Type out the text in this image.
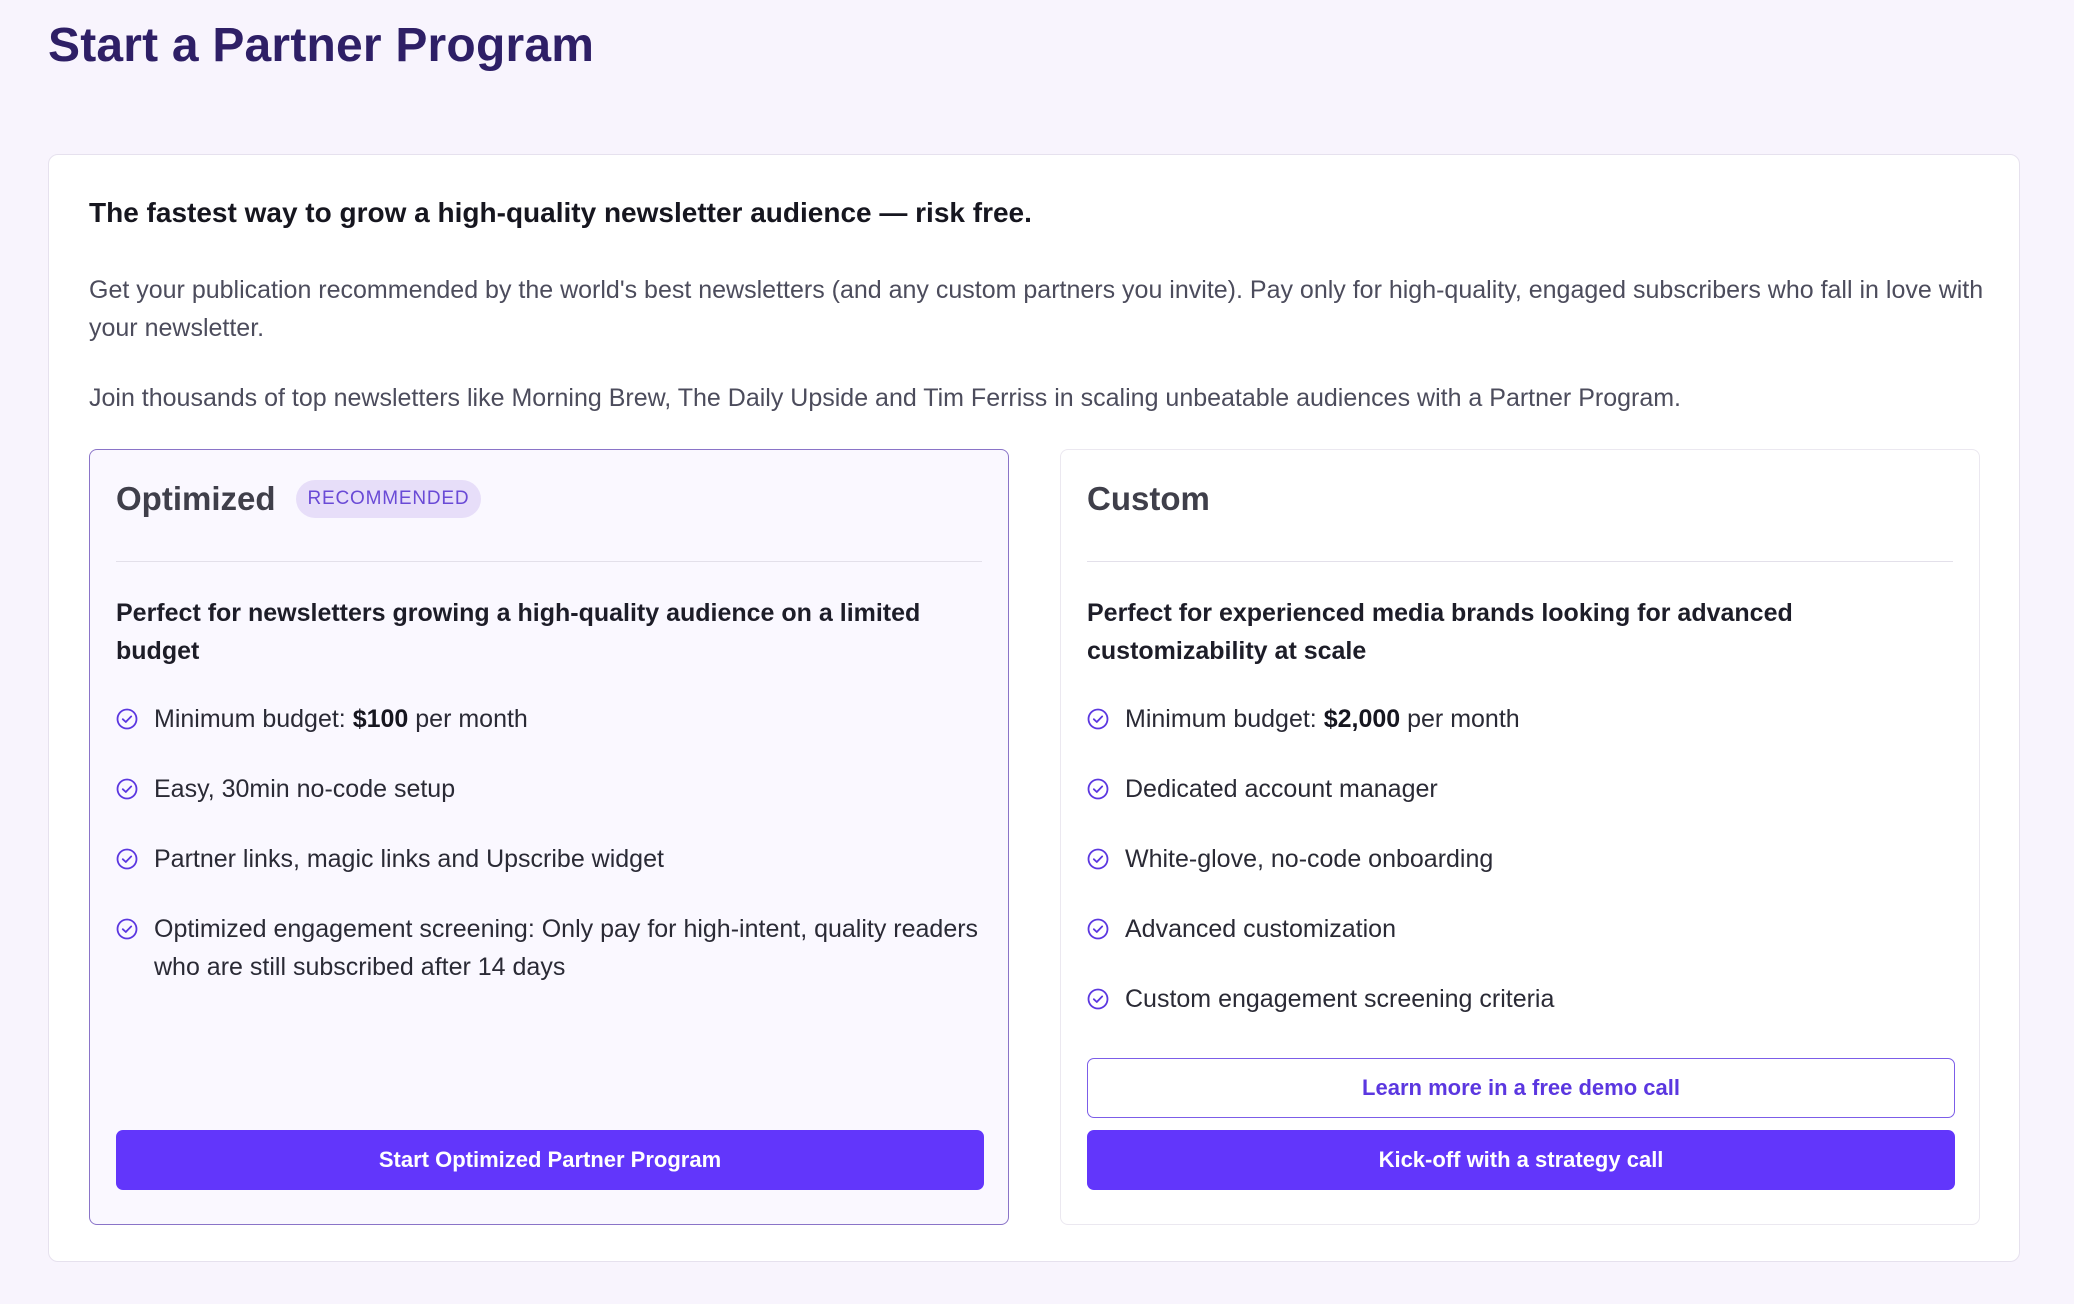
Start a Partner Program
The fastest way to grow a high-quality newsletter audience — risk free.

Get your publication recommended by the world's best newsletters (and any custom partners you invite). Pay only for high-quality, engaged subscribers who fall in love with your newsletter.

Join thousands of top newsletters like Morning Brew, The Daily Upside and Tim Ferriss in scaling unbeatable audiences with a Partner Program.

Optimized	RECOMMENDED

Perfect for newsletters growing a high-quality audience on a limited budget

Minimum budget: $100 per month
Easy, 30min no-code setup
Partner links, magic links and Upscribe widget
Optimized engagement screening: Only pay for high-intent, quality readers who are still subscribed after 14 days
Start Optimized Partner Program
Custom

Perfect for experienced media brands looking for advanced customizability at scale

Minimum budget: $2,000 per month
Dedicated account manager
White-glove, no-code onboarding
Advanced customization
Custom engagement screening criteria
Learn more in a free demo call
Kick-off with a strategy call
